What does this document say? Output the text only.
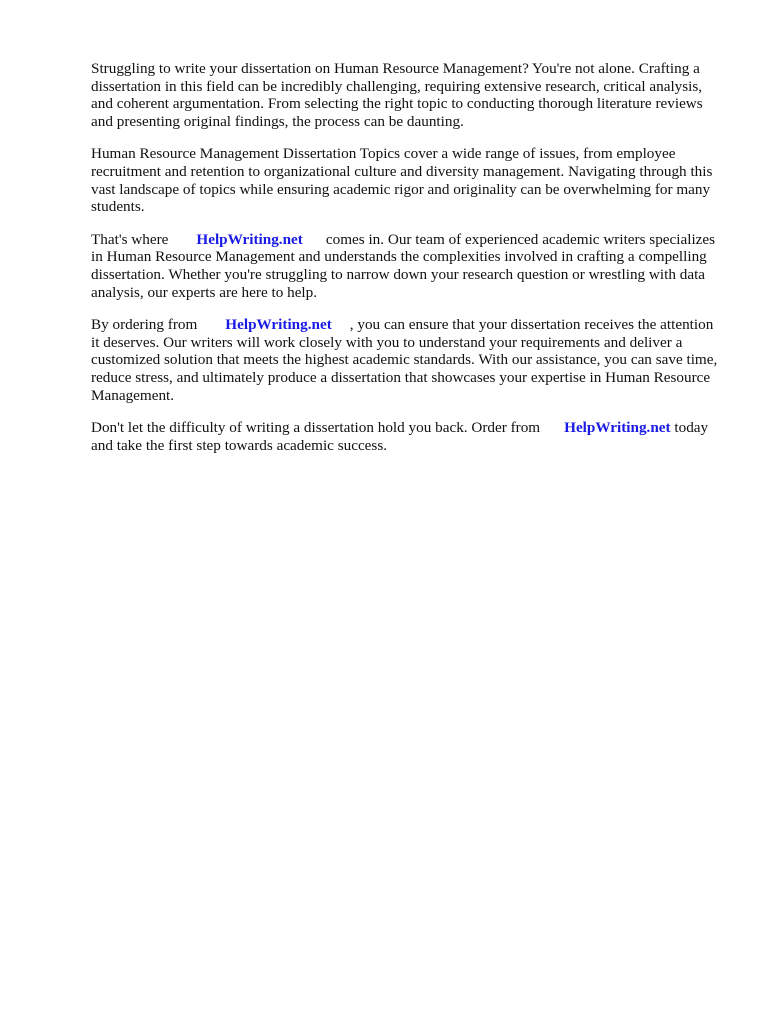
Struggling to write your dissertation on Human Resource Management? You're not alone. Crafting a dissertation in this field can be incredibly challenging, requiring extensive research, critical analysis, and coherent argumentation. From selecting the right topic to conducting thorough literature reviews and presenting original findings, the process can be daunting.

Human Resource Management Dissertation Topics cover a wide range of issues, from employee recruitment and retention to organizational culture and diversity management. Navigating through this vast landscape of topics while ensuring academic rigor and originality can be overwhelming for many students.

That's where HelpWriting.net comes in. Our team of experienced academic writers specializes in Human Resource Management and understands the complexities involved in crafting a compelling dissertation. Whether you're struggling to narrow down your research question or wrestling with data analysis, our experts are here to help.

By ordering from HelpWriting.net , you can ensure that your dissertation receives the attention it deserves. Our writers will work closely with you to understand your requirements and deliver a customized solution that meets the highest academic standards. With our assistance, you can save time, reduce stress, and ultimately produce a dissertation that showcases your expertise in Human Resource Management.

Don't let the difficulty of writing a dissertation hold you back. Order from HelpWriting.net today and take the first step towards academic success.
